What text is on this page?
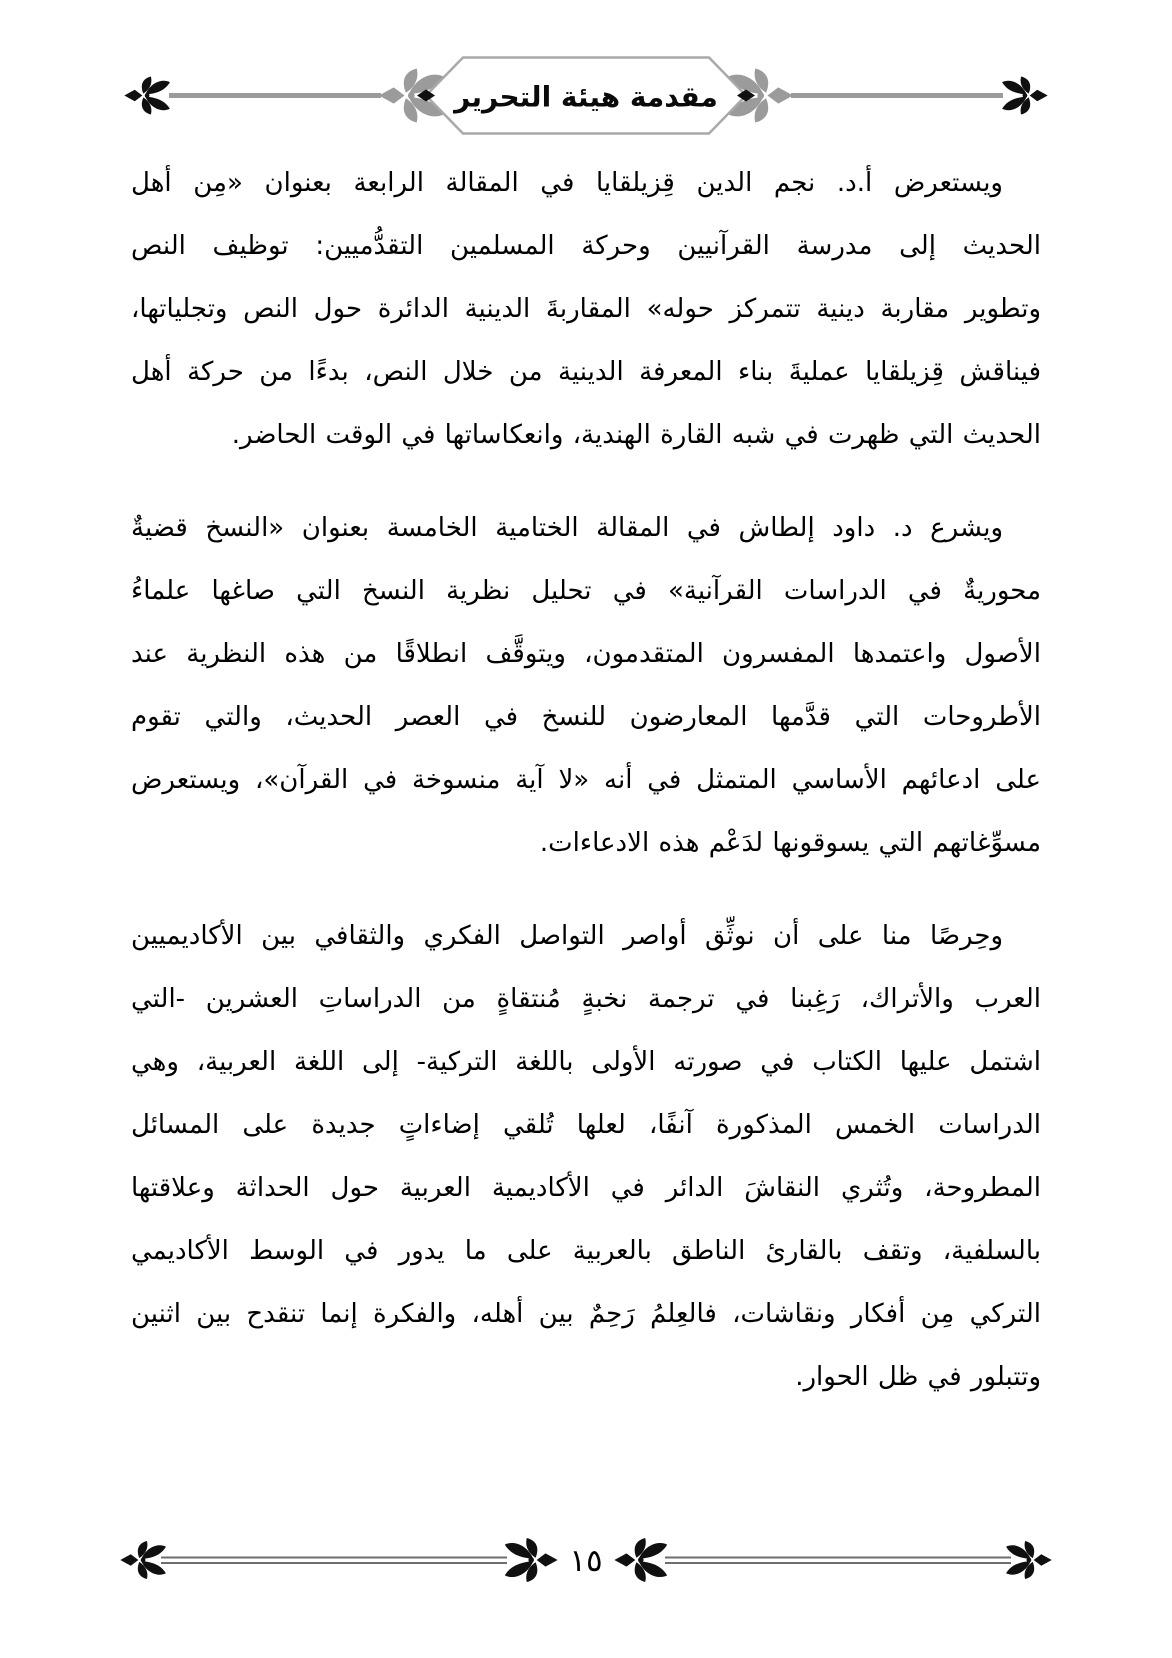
مقدمة هيئة التحرير
ويستعرض أ.د. نجم الدين قِزيلقايا في المقالة الرابعة بعنوان «مِن أهل
الحديث إلى مدرسة القرآنيين وحركة المسلمين التقدُّميين: توظيف النص
وتطوير مقاربة دينية تتمركز حوله» المقاربةَ الدينية الدائرة حول النص وتجلياتها،
فيناقش قِزيلقايا عمليةَ بناء المعرفة الدينية من خلال النص، بدءًا من حركة أهل
الحديث التي ظهرت في شبه القارة الهندية، وانعكاساتها في الوقت الحاضر.
ويشرع د. داود إلطاش في المقالة الختامية الخامسة بعنوان «النسخ قضيةٌ
محوريةٌ في الدراسات القرآنية» في تحليل نظرية النسخ التي صاغها علماءُ
الأصول واعتمدها المفسرون المتقدمون، ويتوقَّف انطلاقًا من هذه النظرية عند
الأطروحات التي قدَّمها المعارضون للنسخ في العصر الحديث، والتي تقوم
على ادعائهم الأساسي المتمثل في أنه «لا آية منسوخة في القرآن»، ويستعرض
مسوِّغاتهم التي يسوقونها لدَعْم هذه الادعاءات.
وحِرصًا منا على أن نوثِّق أواصر التواصل الفكري والثقافي بين الأكاديميين
العرب والأتراك، رَغِبنا في ترجمة نخبةٍ مُنتقاةٍ من الدراساتِ العشرين -التي
اشتمل عليها الكتاب في صورته الأولى باللغة التركية- إلى اللغة العربية، وهي
الدراسات الخمس المذكورة آنفًا، لعلها تُلقي إضاءاتٍ جديدة على المسائل
المطروحة، وتُثري النقاشَ الدائر في الأكاديمية العربية حول الحداثة وعلاقتها
بالسلفية، وتقف بالقارئ الناطق بالعربية على ما يدور في الوسط الأكاديمي
التركي مِن أفكار ونقاشات، فالعِلمُ رَحِمٌ بين أهله، والفكرة إنما تنقدح بين اثنين
وتتبلور في ظل الحوار.
١٥
